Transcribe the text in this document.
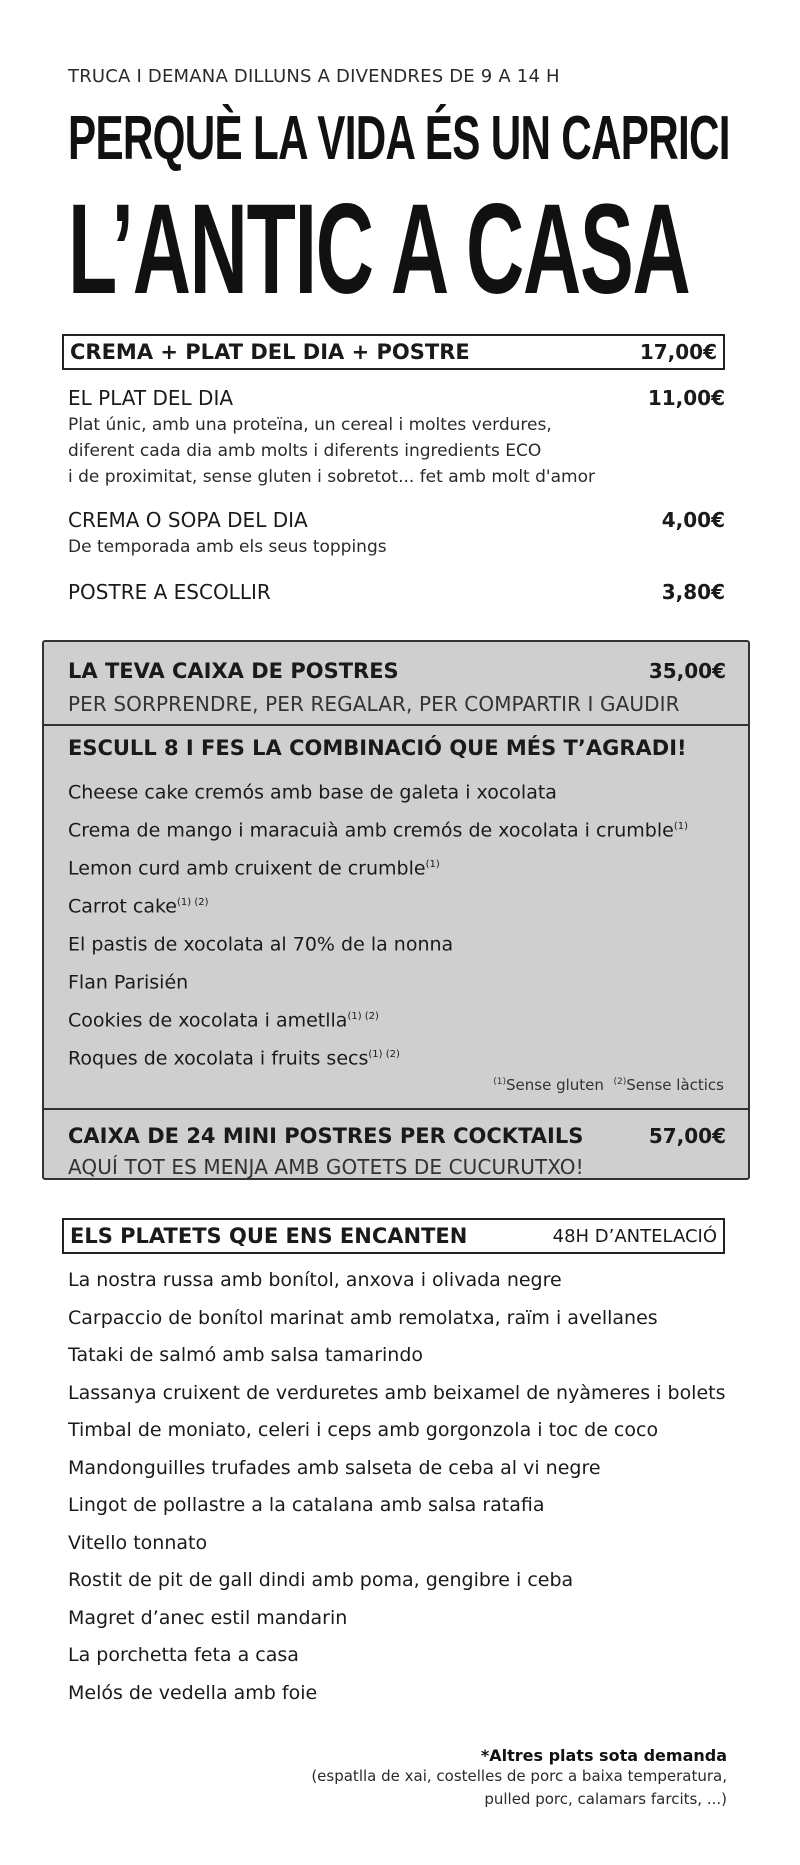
TRUCA I DEMANA DILLUNS A DIVENDRES DE 9 A 14 H
PERQUÈ LA VIDA ÉS UN CAPRICI
L’ANTIC A CASA
CREMA + PLAT DEL DIA + POSTRE	17,00€
EL PLAT DEL DIA	11,00€
Plat únic, amb una proteïna, un cereal i moltes verdures,
diferent cada dia amb molts i diferents ingredients ECO
i de proximitat, sense gluten i sobretot... fet amb molt d'amor
CREMA O SOPA DEL DIA	4,00€
De temporada amb els seus toppings
POSTRE A ESCOLLIR	3,80€
LA TEVA CAIXA DE POSTRES	35,00€
PER SORPRENDRE, PER REGALAR, PER COMPARTIR I GAUDIR
ESCULL 8 I FES LA COMBINACIÓ QUE MÉS T’AGRADI!
Cheese cake cremós amb base de galeta i xocolata
Crema de mango i maracuià amb cremós de xocolata i crumble$^{(1)}$
Lemon curd amb cruixent de crumble$^{(1)}$
Carrot cake$^{(1) (2)}$
El pastis de xocolata al 70% de la nonna
Flan Parisién
Cookies de xocolata i ametlla$^{(1) (2)}$
Roques de xocolata i fruits secs$^{(1) (2)}$
$^{(1)}$Sense gluten $^{(2)}$Sense làctics
CAIXA DE 24 MINI POSTRES PER COCKTAILS	57,00€
AQUÍ TOT ES MENJA AMB GOTETS DE CUCURUTXO!
ELS PLATETS QUE ENS ENCANTEN	48H D’ANTELACIÓ
La nostra russa amb bonítol, anxova i olivada negre
Carpaccio de bonítol marinat amb remolatxa, raïm i avellanes
Tataki de salmó amb salsa tamarindo
Lassanya cruixent de verduretes amb beixamel de nyàmeres i bolets
Timbal de moniato, celeri i ceps amb gorgonzola i toc de coco
Mandonguilles trufades amb salseta de ceba al vi negre
Lingot de pollastre a la catalana amb salsa ratafia
Vitello tonnato
Rostit de pit de gall dindi amb poma, gengibre i ceba
Magret d’anec estil mandarin
La porchetta feta a casa
Melós de vedella amb foie
*Altres plats sota demanda
(espatlla de xai, costelles de porc a baixa temperatura,
pulled porc, calamars farcits, ...)
